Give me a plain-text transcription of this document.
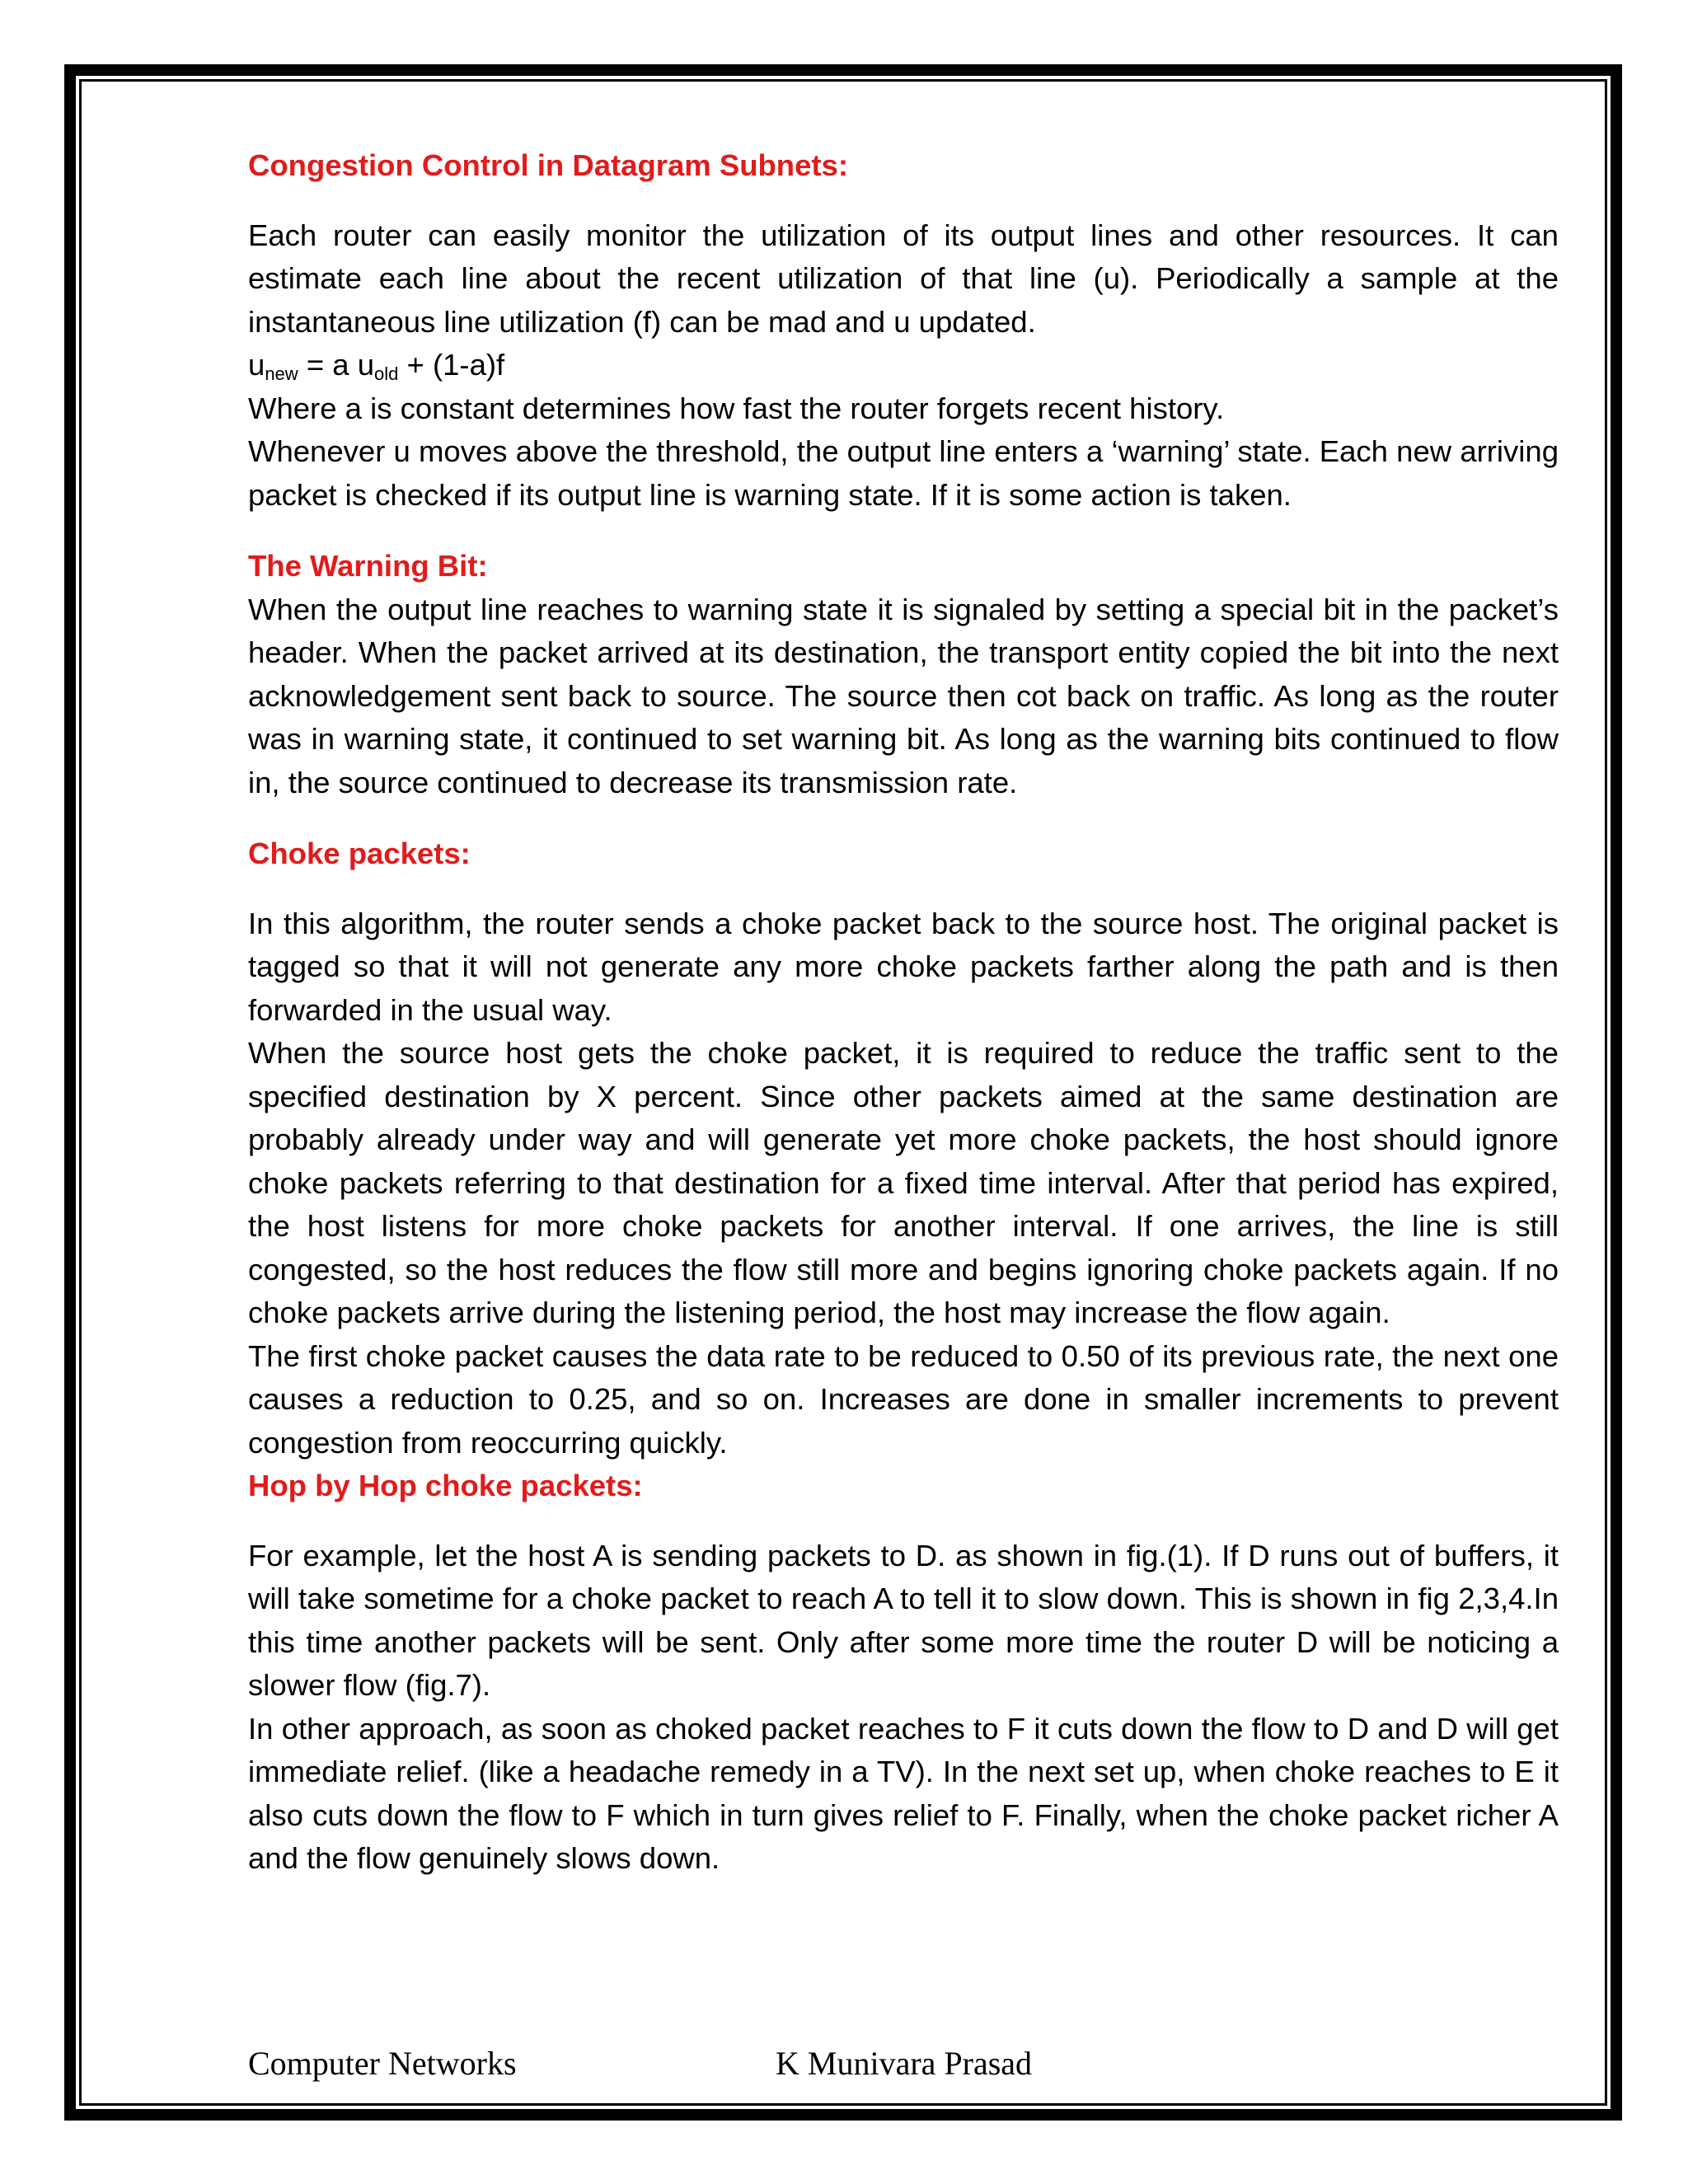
Congestion Control in Datagram Subnets:

Each router can easily monitor the utilization of its output lines and other resources. It can estimate each line about the recent utilization of that line (u). Periodically a sample at the instantaneous line utilization (f) can be mad and u updated.

$u_{new} = a$ $u_{old} + (1-a)f$

Where a is constant determines how fast the router forgets recent history.

Whenever u moves above the threshold, the output line enters a ‘warning’ state. Each new arriving packet is checked if its output line is warning state. If it is some action is taken.

The Warning Bit:

When the output line reaches to warning state it is signaled by setting a special bit in the packet’s header. When the packet arrived at its destination, the transport entity copied the bit into the next acknowledgement sent back to source. The source then cot back on traffic. As long as the router was in warning state, it continued to set warning bit. As long as the warning bits continued to flow in, the source continued to decrease its transmission rate.

Choke packets:

In this algorithm, the router sends a choke packet back to the source host. The original packet is tagged so that it will not generate any more choke packets farther along the path and is then forwarded in the usual way.

When the source host gets the choke packet, it is required to reduce the traffic sent to the specified destination by X percent. Since other packets aimed at the same destination are probably already under way and will generate yet more choke packets, the host should ignore choke packets referring to that destination for a fixed time interval. After that period has expired, the host listens for more choke packets for another interval. If one arrives, the line is still congested, so the host reduces the flow still more and begins ignoring choke packets again. If no choke packets arrive during the listening period, the host may increase the flow again.

The first choke packet causes the data rate to be reduced to 0.50 of its previous rate, the next one causes a reduction to 0.25, and so on. Increases are done in smaller increments to prevent congestion from reoccurring quickly.

Hop by Hop choke packets:

For example, let the host A is sending packets to D. as shown in fig.(1). If D runs out of buffers, it will take sometime for a choke packet to reach A to tell it to slow down. This is shown in fig 2,3,4.In this time another packets will be sent. Only after some more time the router D will be noticing a slower flow (fig.7).

In other approach, as soon as choked packet reaches to F it cuts down the flow to D and D will get immediate relief. (like a headache remedy in a TV). In the next set up, when choke reaches to E it also cuts down the flow to F which in turn gives relief to F. Finally, when the choke packet richer A and the flow genuinely slows down.

Computer Networks	K Munivara Prasad
